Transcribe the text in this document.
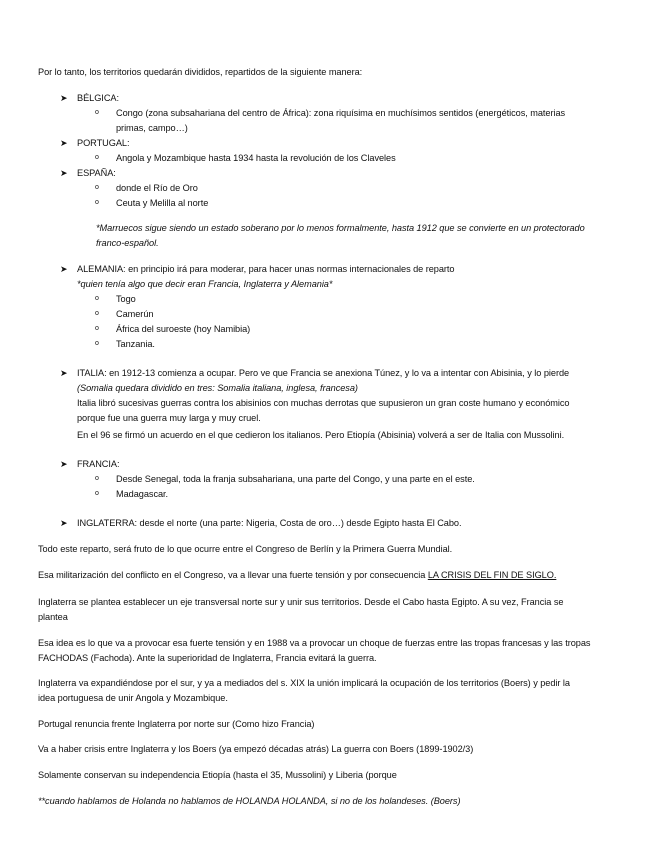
Por lo tanto, los territorios quedarán divididos, repartidos de la siguiente manera:
➤ BÉLGICA:
o Congo (zona subsahariana del centro de África): zona riquísima en muchísimos sentidos (energéticos, materias
primas, campo…)
➤ PORTUGAL:
o Angola y Mozambique hasta 1934 hasta la revolución de los Claveles
➤ ESPAÑA:
o donde el Río de Oro
o Ceuta y Melilla al norte
*Marruecos sigue siendo un estado soberano por lo menos formalmente, hasta 1912 que se convierte en un protectorado
franco-español.
➤ ALEMANIA: en principio irá para moderar, para hacer unas normas internacionales de reparto
*quien tenía algo que decir eran Francia, Inglaterra y Alemania*
o Togo
o Camerún
o África del suroeste (hoy Namibia)
o Tanzania.
➤ ITALIA: en 1912-13 comienza a ocupar. Pero ve que Francia se anexiona Túnez, y lo va a intentar con Abisinia, y lo pierde
(Somalia quedara dividido en tres: Somalia italiana, inglesa, francesa)
Italia libró sucesivas guerras contra los abisinios con muchas derrotas que supusieron un gran coste humano y económico
porque fue una guerra muy larga y muy cruel.
En el 96 se firmó un acuerdo en el que cedieron los italianos. Pero Etiopía (Abisinia) volverá a ser de Italia con Mussolini.
➤ FRANCIA:
o Desde Senegal, toda la franja subsahariana, una parte del Congo, y una parte en el este.
o Madagascar.
➤ INGLATERRA: desde el norte (una parte: Nigeria, Costa de oro…) desde Egipto hasta El Cabo.
Todo este reparto, será fruto de lo que ocurre entre el Congreso de Berlín y la Primera Guerra Mundial.
Esa militarización del conflicto en el Congreso, va a llevar una fuerte tensión y por consecuencia LA CRISIS DEL FIN DE SIGLO.
Inglaterra se plantea establecer un eje transversal norte sur y unir sus territorios. Desde el Cabo hasta Egipto. A su vez, Francia se
plantea
Esa idea es lo que va a provocar esa fuerte tensión y en 1988 va a provocar un choque de fuerzas entre las tropas francesas y las tropas
FACHODAS (Fachoda). Ante la superioridad de Inglaterra, Francia evitará la guerra.
Inglaterra va expandiéndose por el sur, y ya a mediados del s. XIX la unión implicará la ocupación de los territorios (Boers) y pedir la
idea portuguesa de unir Angola y Mozambique.
Portugal renuncia frente Inglaterra por norte sur (Como hizo Francia)
Va a haber crisis entre Inglaterra y los Boers (ya empezó décadas atrás) La guerra con Boers (1899-1902/3)
Solamente conservan su independencia Etiopía (hasta el 35, Mussolini) y Liberia (porque
**cuando hablamos de Holanda no hablamos de HOLANDA HOLANDA, si no de los holandeses. (Boers)
